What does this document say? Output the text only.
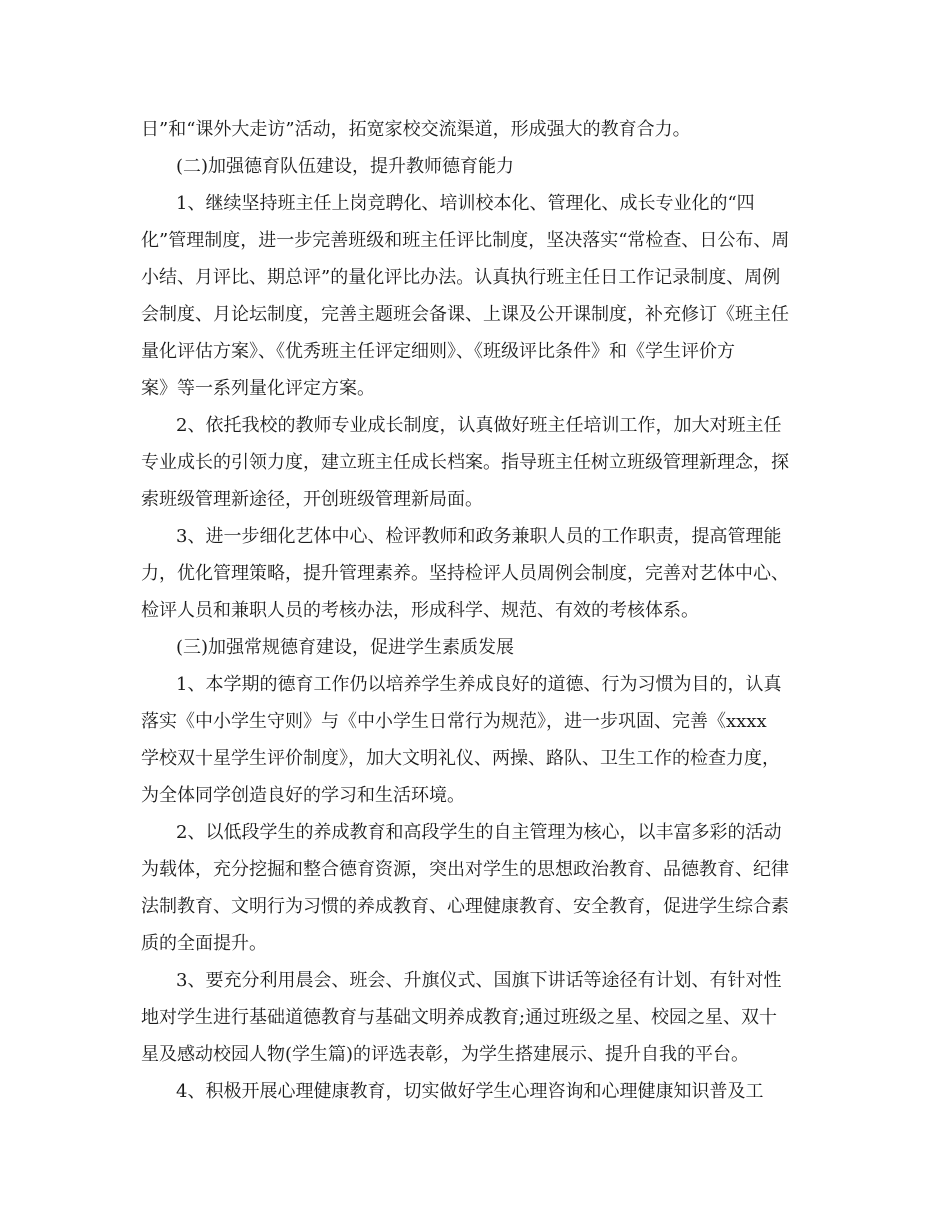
日”和“课外大走访”活动，拓宽家校交流渠道，形成强大的教育合力。
(二)加强德育队伍建设，提升教师德育能力
1、继续坚持班主任上岗竞聘化、培训校本化、管理化、成长专业化的“四
化”管理制度，进一步完善班级和班主任评比制度，坚决落实“常检查、日公布、周
小结、月评比、期总评”的量化评比办法。认真执行班主任日工作记录制度、周例
会制度、月论坛制度，完善主题班会备课、上课及公开课制度，补充修订《班主任
量化评估方案》、《优秀班主任评定细则》、《班级评比条件》和《学生评价方
案》等一系列量化评定方案。
2、依托我校的教师专业成长制度，认真做好班主任培训工作，加大对班主任
专业成长的引领力度，建立班主任成长档案。指导班主任树立班级管理新理念，探
索班级管理新途径，开创班级管理新局面。
3、进一步细化艺体中心、检评教师和政务兼职人员的工作职责，提高管理能
力，优化管理策略，提升管理素养。坚持检评人员周例会制度，完善对艺体中心、
检评人员和兼职人员的考核办法，形成科学、规范、有效的考核体系。
(三)加强常规德育建设，促进学生素质发展
1、本学期的德育工作仍以培养学生养成良好的道德、行为习惯为目的，认真
落实《中小学生守则》与《中小学生日常行为规范》，进一步巩固、完善《xxxx
学校双十星学生评价制度》，加大文明礼仪、两操、路队、卫生工作的检查力度，
为全体同学创造良好的学习和生活环境。
2、以低段学生的养成教育和高段学生的自主管理为核心，以丰富多彩的活动
为载体，充分挖掘和整合德育资源，突出对学生的思想政治教育、品德教育、纪律
法制教育、文明行为习惯的养成教育、心理健康教育、安全教育，促进学生综合素
质的全面提升。
3、要充分利用晨会、班会、升旗仪式、国旗下讲话等途径有计划、有针对性
地对学生进行基础道德教育与基础文明养成教育;通过班级之星、校园之星、双十
星及感动校园人物(学生篇)的评选表彰，为学生搭建展示、提升自我的平台。
4、积极开展心理健康教育，切实做好学生心理咨询和心理健康知识普及工
